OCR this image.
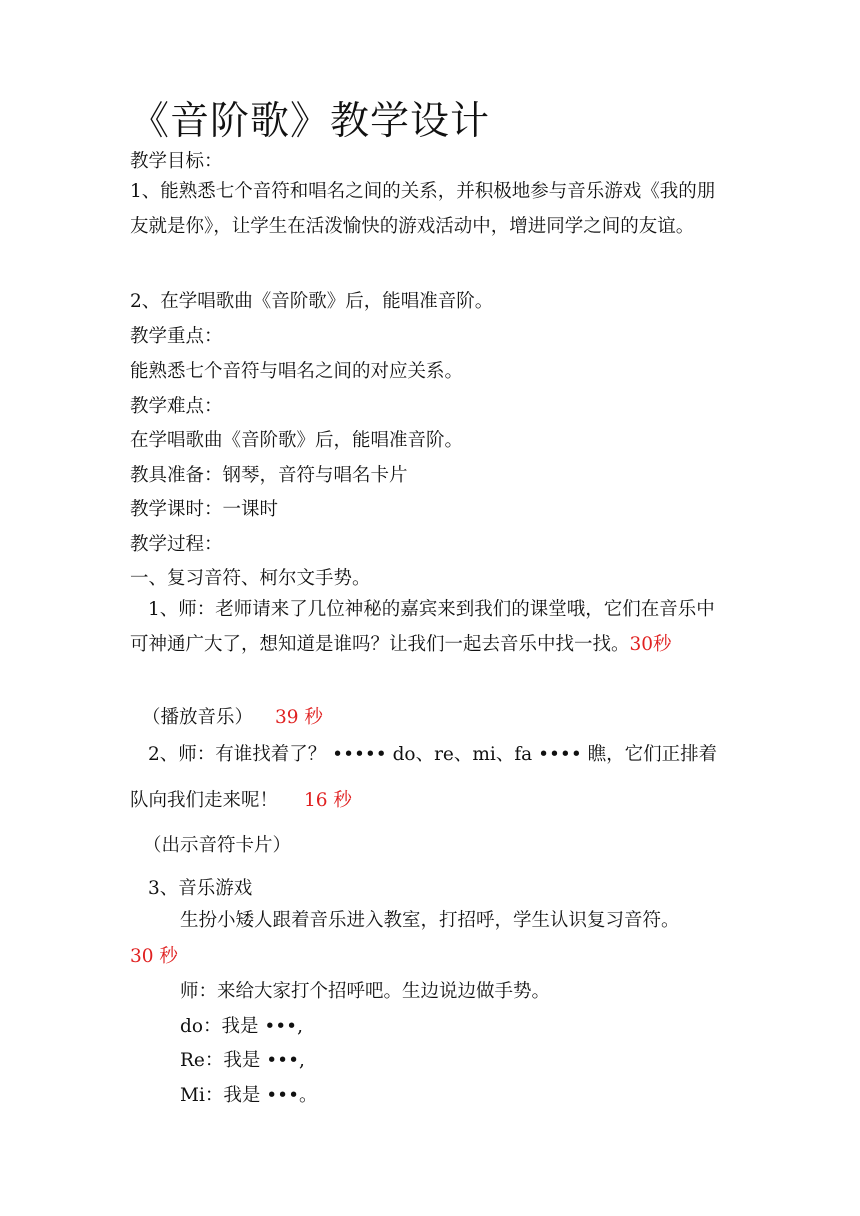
《音阶歌》教学设计
教学目标：
1、能熟悉七个音符和唱名之间的关系，并积极地参与音乐游戏《我的朋友就是你》，让学生在活泼愉快的游戏活动中，增进同学之间的友谊。
2、在学唱歌曲《音阶歌》后，能唱准音阶。
教学重点：
能熟悉七个音符与唱名之间的对应关系。
教学难点：
在学唱歌曲《音阶歌》后，能唱准音阶。
教具准备：钢琴，音符与唱名卡片
教学课时：一课时
教学过程：
一、复习音符、柯尔文手势。
1、师：老师请来了几位神秘的嘉宾来到我们的课堂哦，它们在音乐中可神通广大了，想知道是谁吗？让我们一起去音乐中找一找。30秒
（播放音乐） 39 秒
2、师：有谁找着了？ ••••• do、re、mi、fa •••• 瞧，它们正排着
队向我们走来呢！ 16 秒
（出示音符卡片）
3、音乐游戏
生扮小矮人跟着音乐进入教室，打招呼，学生认识复习音符。
30 秒
师：来给大家打个招呼吧。生边说边做手势。
do：我是 •••,
Re：我是 •••,
Mi：我是 •••。
